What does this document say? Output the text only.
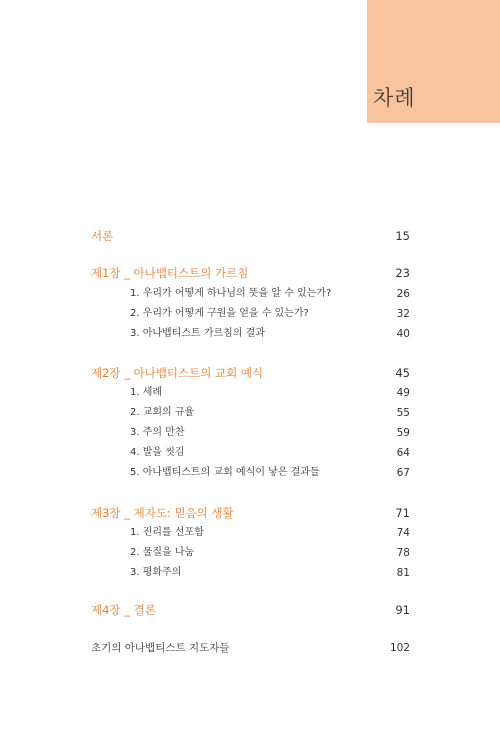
차례
서론	15
제1장 _ 아나뱁티스트의 가르침	23
1. 우리가 어떻게 하나님의 뜻을 알 수 있는가?	26
2. 우리가 어떻게 구원을 얻을 수 있는가?	32
3. 아나뱁티스트 가르침의 결과	40
제2장 _ 아나뱁티스트의 교회 예식	45
1. 세례	49
2. 교회의 규율	55
3. 주의 만찬	59
4. 발을 씻김	64
5. 아나뱁티스트의 교회 예식이 낳은 결과들	67
제3장 _ 제자도: 믿음의 생활	71
1. 진리를 선포함	74
2. 물질을 나눔	78
3. 평화주의	81
제4장 _ 결론	91
초기의 아나뱁티스트 지도자들	102
